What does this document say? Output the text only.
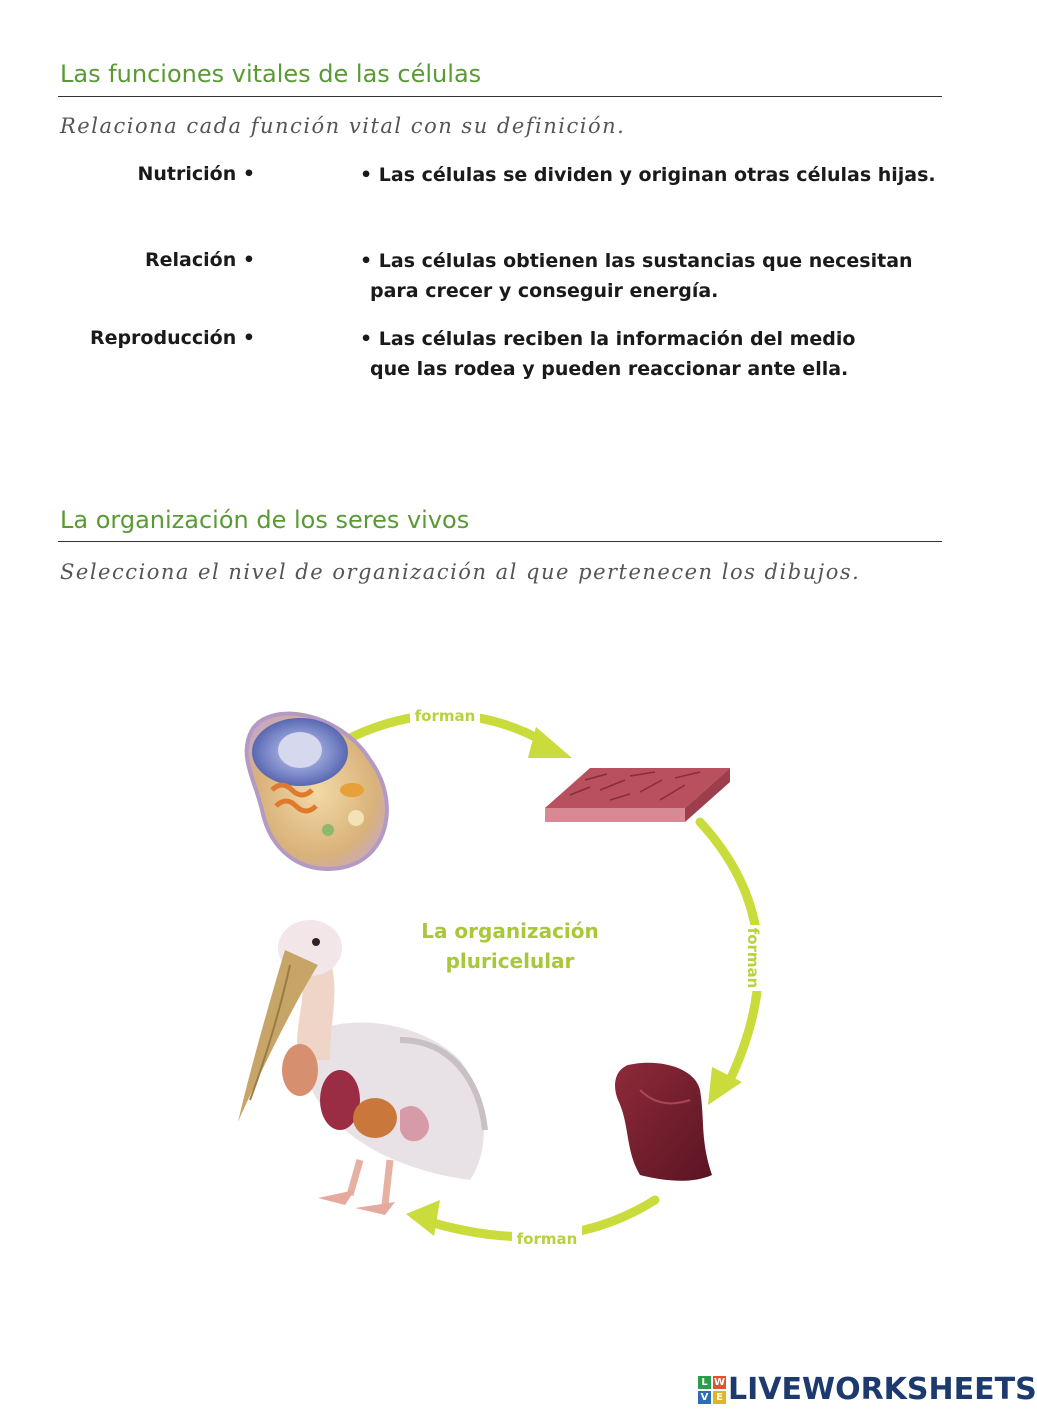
Las funciones vitales de las células
Relaciona cada función vital con su definición.
Nutrición •
Relación •
Reproducción •
• Las células se dividen y originan otras células hijas.
• Las células obtienen las sustancias que necesitan
para crecer y conseguir energía.
• Las células reciben la información del medio
que las rodea y pueden reaccionar ante ella.
La organización de los seres vivos
Selecciona el nivel de organización al que pertenecen los dibujos.
forman
forman
forman
La organización
pluricelular
L W
V E LIVEWORKSHEETS
